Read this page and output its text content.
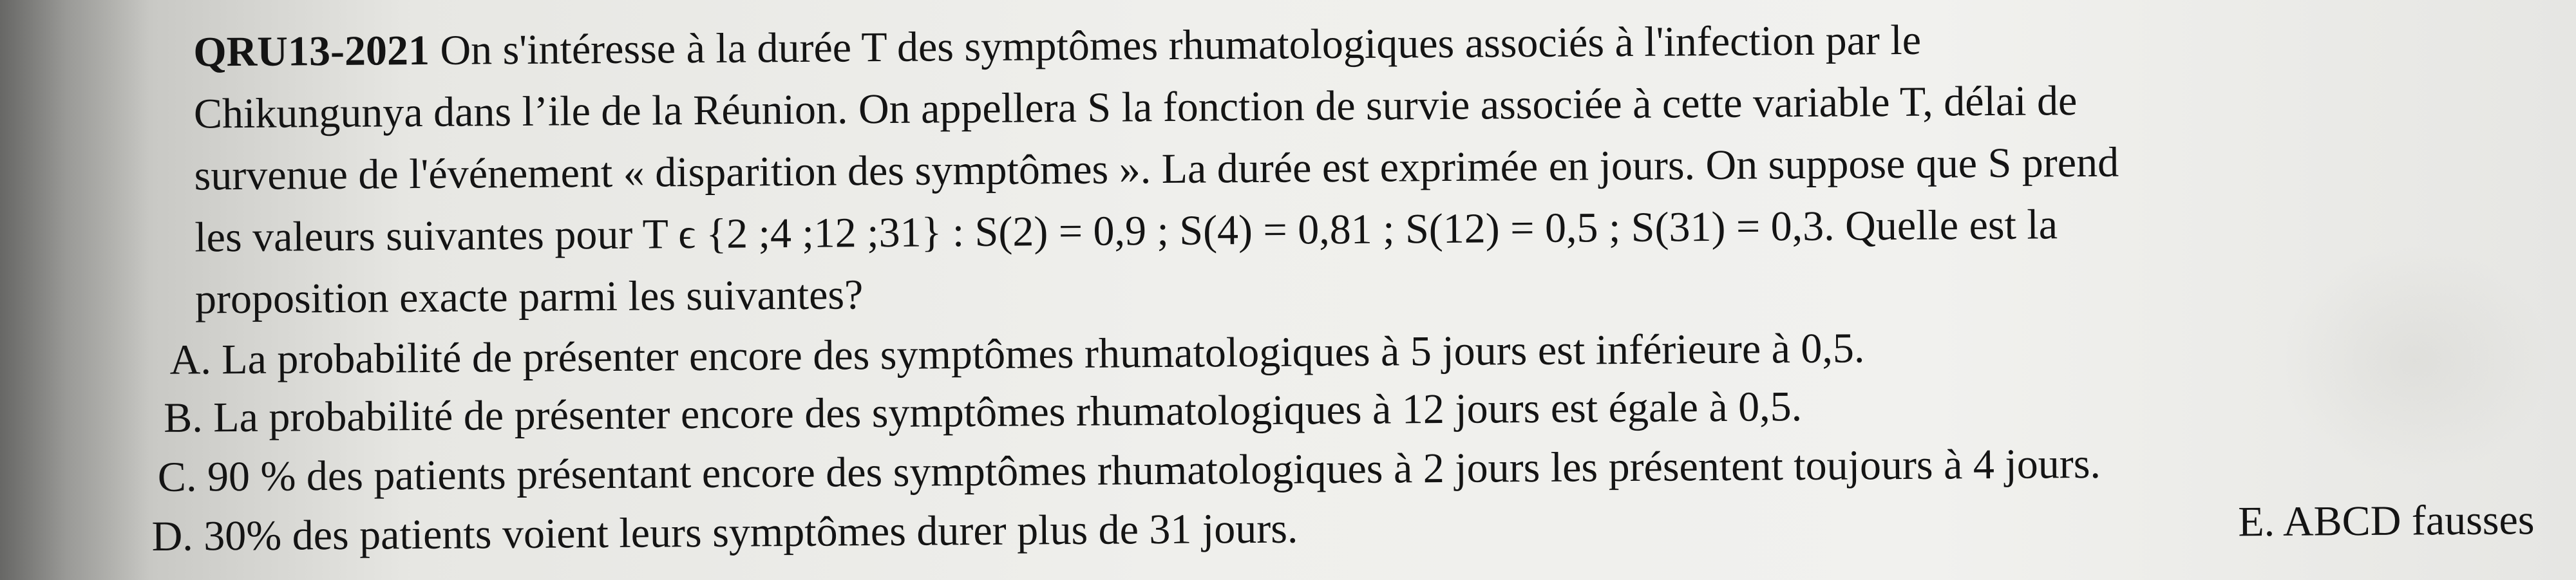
QRU13-2021 On s'intéresse à la durée T des symptômes rhumatologiques associés à l'infection par le
Chikungunya dans l’ile de la Réunion. On appellera S la fonction de survie associée à cette variable T, délai de
survenue de l'événement « disparition des symptômes ». La durée est exprimée en jours. On suppose que S prend
les valeurs suivantes pour T ϵ {2 ;4 ;12 ;31} : S(2) = 0,9 ; S(4) = 0,81 ; S(12) = 0,5 ; S(31) = 0,3. Quelle est la
proposition exacte parmi les suivantes?
A. La probabilité de présenter encore des symptômes rhumatologiques à 5 jours est inférieure à 0,5.
B. La probabilité de présenter encore des symptômes rhumatologiques à 12 jours est égale à 0,5.
C. 90 % des patients présentant encore des symptômes rhumatologiques à 2 jours les présentent toujours à 4 jours.
D. 30% des patients voient leurs symptômes durer plus de 31 jours.	E. ABCD fausses
